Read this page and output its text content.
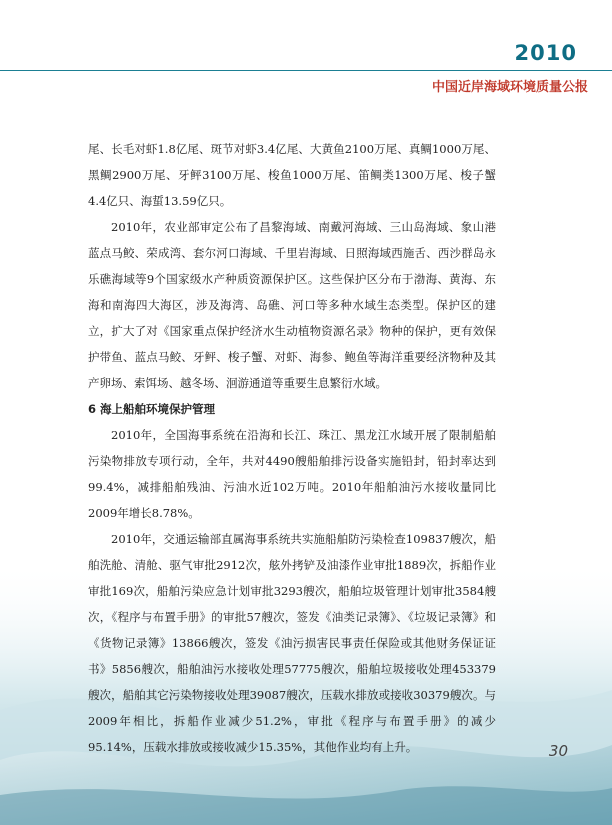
2010
中国近岸海域环境质量公报

尾、长毛对虾1.8亿尾、斑节对虾3.4亿尾、大黄鱼2100万尾、真鲷1000万尾、黑鲷2900万尾、牙鲆3100万尾、梭鱼1000万尾、笛鲷类1300万尾、梭子蟹4.4亿只、海蜇13.59亿只。

2010年，农业部审定公布了昌黎海域、南戴河海域、三山岛海域、象山港蓝点马鲛、荣成湾、套尔河口海域、千里岩海域、日照海域西施舌、西沙群岛永乐礁海域等9个国家级水产种质资源保护区。这些保护区分布于渤海、黄海、东海和南海四大海区，涉及海湾、岛礁、河口等多种水域生态类型。保护区的建立，扩大了对《国家重点保护经济水生动植物资源名录》物种的保护，更有效保护带鱼、蓝点马鲛、牙鲆、梭子蟹、对虾、海参、鲍鱼等海洋重要经济物种及其产卵场、索饵场、越冬场、洄游通道等重要生息繁衍水域。

6 海上船舶环境保护管理

2010年，全国海事系统在沿海和长江、珠江、黑龙江水域开展了限制船舶污染物排放专项行动，全年，共对4490艘船舶排污设备实施铅封，铅封率达到99.4%，减排船舶残油、污油水近102万吨。2010年船舶油污水接收量同比2009年增长8.78%。

2010年，交通运输部直属海事系统共实施船舶防污染检查109837艘次，船舶洗舱、清舱、驱气审批2912次，舷外拷铲及油漆作业审批1889次，拆船作业审批169次，船舶污染应急计划审批3293艘次，船舶垃圾管理计划审批3584艘次，《程序与布置手册》的审批57艘次，签发《油类记录簿》、《垃圾记录簿》和《货物记录簿》13866艘次，签发《油污损害民事责任保险或其他财务保证证书》5856艘次，船舶油污水接收处理57775艘次，船舶垃圾接收处理453379艘次，船舶其它污染物接收处理39087艘次，压载水排放或接收30379艘次。与2009年相比，拆船作业减少51.2%，审批《程序与布置手册》的减少95.14%，压载水排放或接收减少15.35%，其他作业均有上升。	30
